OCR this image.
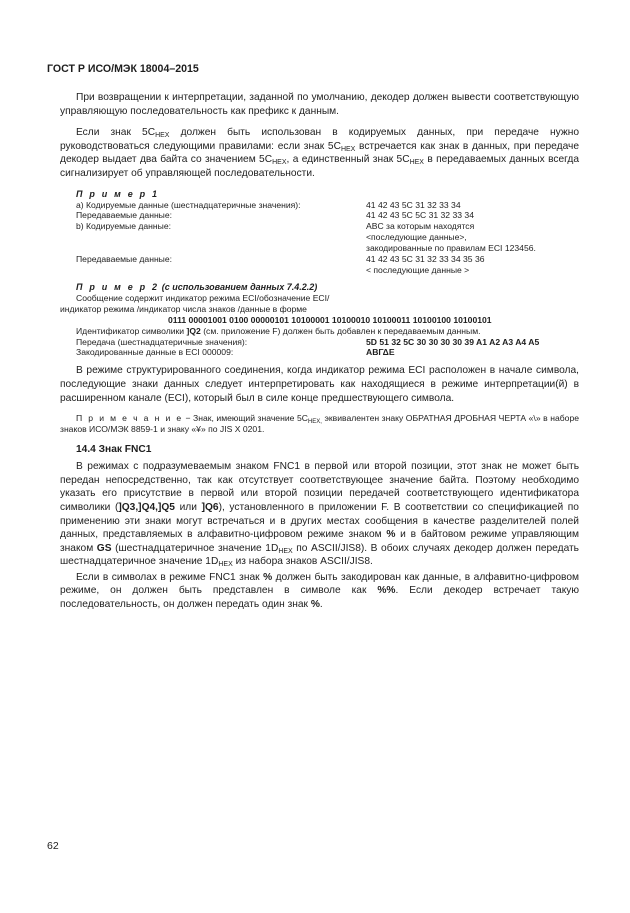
ГОСТ Р ИСО/МЭК 18004–2015

При возвращении к интерпретации, заданной по умолчанию, декодер должен вывести соответствующую управляющую последовательность как префикс к данным.

Если знак $5C_{HEX}$ должен быть использован в кодируемых данных, при передаче нужно руководствоваться следующими правилами: если знак $5C_{HEX}$ встречается как знак в данных, при передаче декодер выдает два байта со значением $5C_{HEX}$, а единственный знак $5C_{HEX}$ в передаваемых данных всегда сигнализирует об управляющей последовательности.

П р и м е р 1
а) Кодируемые данные (шестнадцатеричные значения):	41 42 43 5C 31 32 33 34
Передаваемые данные:	41 42 43 5C 5C 31 32 33 34
b) Кодируемые данные:	ABC за которым находятся
<последующие данные>,
закодированные по правилам ECI 123456.
Передаваемые данные:	41 42 43 5C 31 32 33 34 35 36
< последующие данные >
П р и м е р 2 (с использованием данных 7.4.2.2)
Сообщение содержит индикатор режима ECI/обозначение ECI/
индикатор режима /индикатор числа знаков /данные в форме
0111 00001001 0100 00000101 10100001 10100010 10100011 10100100 10100101
Идентификатор символики ]Q2 (см. приложение F) должен быть добавлен к передаваемым данным.
Передача (шестнадцатеричные значения):	5D 51 32 5C 30 30 30 30 39 A1 A2 A3 A4 A5
Закодированные данные в ECI 000009:	ΑΒΓΔΕ

В режиме структурированного соединения, когда индикатор режима ECI расположен в начале символа, последующие знаки данных следует интерпретировать как находящиеся в режиме интерпретации(й) в расширенном канале (ECI), который был в силе конце предшествующего символа.

П р и м е ч а н и е − Знак, имеющий значение $5C_{HEX,}$ эквивалентен знаку ОБРАТНАЯ ДРОБНАЯ ЧЕРТА «\» в наборе знаков ИСО/МЭК 8859-1 и знаку «¥» по JIS X 0201.

14.4 Знак FNC1

В режимах с подразумеваемым знаком FNC1 в первой или второй позиции, этот знак не может быть передан непосредственно, так как отсутствует соответствующее значение байта. Поэтому необходимо указать его присутствие в первой или второй позиции передачей соответствующего идентификатора символики (]Q3,]Q4,]Q5 или ]Q6), установленного в приложении F. В соответствии со спецификацией по применению эти знаки могут встречаться и в других местах сообщения в качестве разделителей полей данных, представляемых в алфавитно-цифровом режиме знаком % и в байтовом режиме управляющим знаком GS (шестнадцатеричное значение $1D_{HEX}$ по ASCII/JIS8). В обоих случаях декодер должен передать шестнадцатеричное значение $1D_{HEX}$ из набора знаков ASCII/JIS8.

Если в символах в режиме FNC1 знак % должен быть закодирован как данные, в алфавитно-цифровом режиме, он должен быть представлен в символе как %%. Если декодер встречает такую последовательность, он должен передать один знак %.

62
